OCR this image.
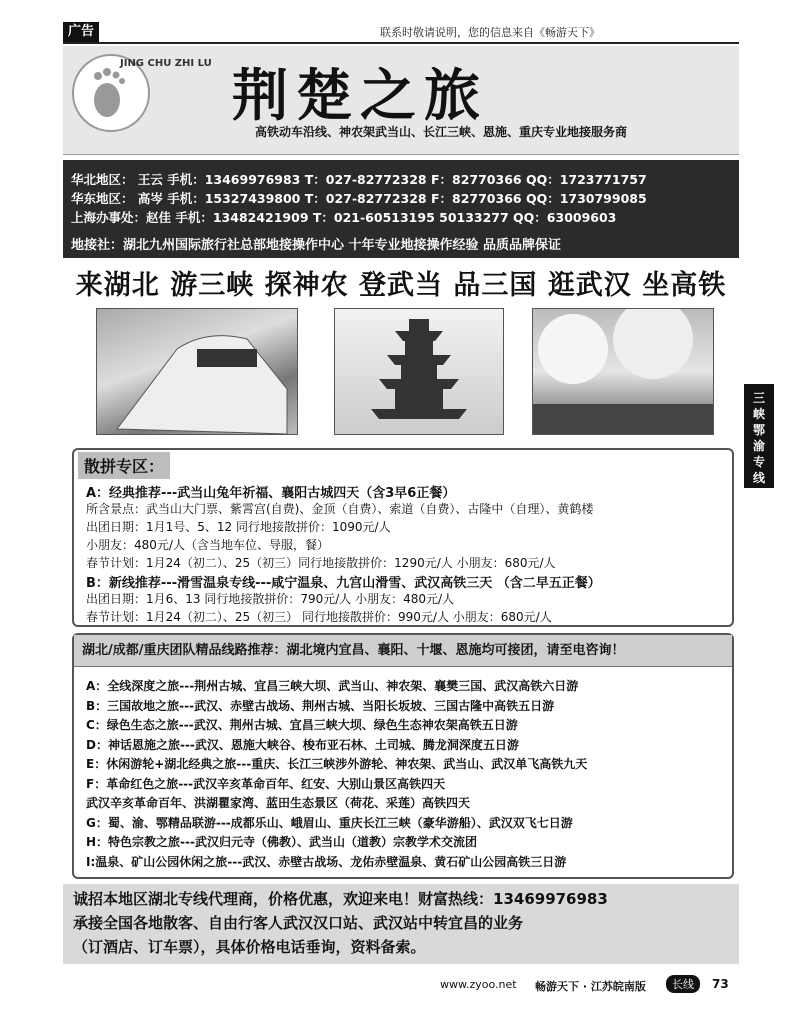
广告	联系时敬请说明，您的信息来自《畅游天下》
JING CHU ZHI LU 荆楚之旅
高铁动车沿线、神农架武当山、长江三峡、恩施、重庆专业地接服务商
华北地区： 王云 手机：13469976983 T：027-82772328 F：82770366 QQ：1723771757
华东地区： 高岑 手机：15327439800 T：027-82772328 F：82770366 QQ：1730799085
上海办事处：赵佳 手机：13482421909 T：021-60513195 50133277 QQ：63009603
地接社：湖北九州国际旅行社总部地接操作中心 十年专业地接操作经验 品质品牌保证
来湖北 游三峡 探神农 登武当 品三国 逛武汉 坐高铁
三峡鄂渝专线
散拼专区：
A：经典推荐---武当山兔年祈福、襄阳古城四天（含3早6正餐）
所含景点：武当山大门票、紫霄宫(自费)、金顶（自费）、索道（自费）、古隆中（自理）、黄鹤楼
出团日期：1月1号、5、12 同行地接散拼价：1090元/人
小朋友：480元/人（含当地车位、导服，餐）
春节计划：1月24（初二）、25（初三）同行地接散拼价：1290元/人 小朋友：680元/人
B：新线推荐---滑雪温泉专线---咸宁温泉、九宫山滑雪、武汉高铁三天 （含二早五正餐）
出团日期：1月6、13 同行地接散拼价：790元/人 小朋友：480元/人
春节计划：1月24（初二）、25（初三） 同行地接散拼价：990元/人 小朋友：680元/人
湖北/成都/重庆团队精品线路推荐：湖北境内宜昌、襄阳、十堰、恩施均可接团，请至电咨询！
A：全线深度之旅---荆州古城、宜昌三峡大坝、武当山、神农架、襄樊三国、武汉高铁六日游
B：三国故地之旅---武汉、赤壁古战场、荆州古城、当阳长坂坡、三国古隆中高铁五日游
C：绿色生态之旅---武汉、荆州古城、宜昌三峡大坝、绿色生态神农架高铁五日游
D：神话恩施之旅---武汉、恩施大峡谷、梭布亚石林、土司城、腾龙洞深度五日游
E：休闲游轮+湖北经典之旅---重庆、长江三峡涉外游轮、神农架、武当山、武汉单飞高铁九天
F：革命红色之旅---武汉辛亥革命百年、红安、大别山景区高铁四天
武汉辛亥革命百年、洪湖瞿家湾、蓝田生态景区（荷花、采莲）高铁四天
G：蜀、渝、鄂精品联游---成都乐山、峨眉山、重庆长江三峡（豪华游船）、武汉双飞七日游
H：特色宗教之旅---武汉归元寺（佛教）、武当山（道教）宗教学术交流团
I:温泉、矿山公园休闲之旅---武汉、赤壁古战场、龙佑赤壁温泉、黄石矿山公园高铁三日游
诚招本地区湖北专线代理商，价格优惠，欢迎来电！财富热线：13469976983
承接全国各地散客、自由行客人武汉汉口站、武汉站中转宜昌的业务
（订酒店、订车票），具体价格电话垂询，资料备索。
www.zyoo.net 畅游天下 · 江苏皖南版	长线	73
